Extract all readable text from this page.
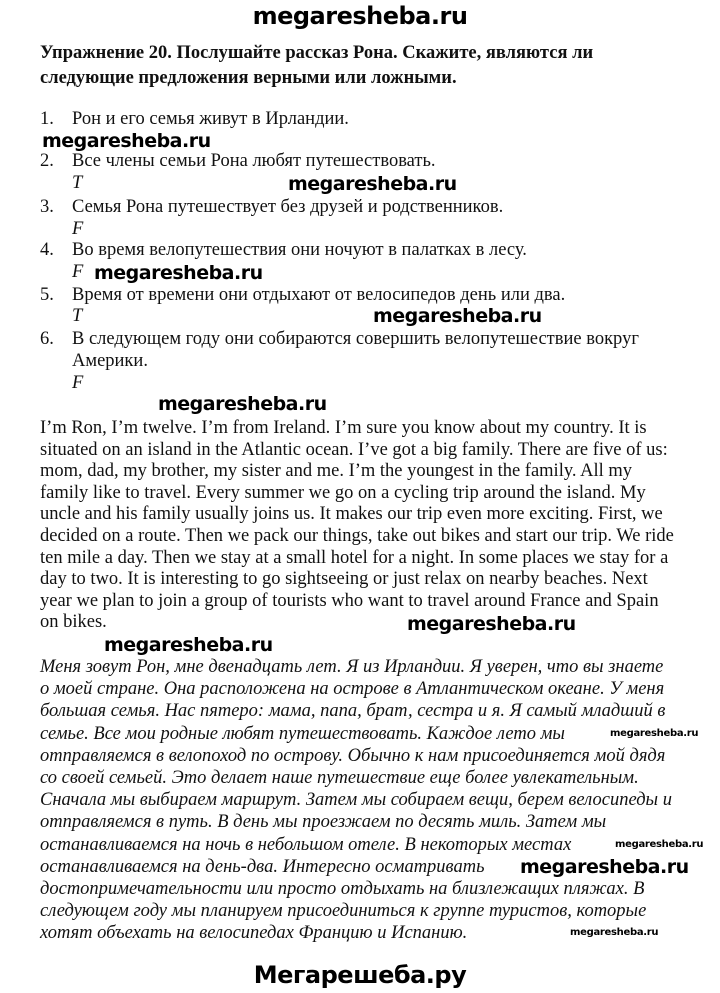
megaresheba.ru
Упражнение 20. Послушайте рассказ Рона. Скажите, являются ли
следующие предложения верными или ложными.
1. Рон и его семья живут в Ирландии.
2. Все члены семьи Рона любят путешествовать.
T
3. Семья Рона путешествует без друзей и родственников.
F
4. Во время велопутешествия они ночуют в палатках в лесу.
F
5. Время от времени они отдыхают от велосипедов день или два.
T
6. В следующем году они собираются совершить велопутешествие вокруг
Америки.
F
I’m Ron, I’m twelve. I’m from Ireland. I’m sure you know about my country. It is
situated on an island in the Atlantic ocean. I’ve got a big family. There are five of us:
mom, dad, my brother, my sister and me. I’m the youngest in the family. All my
family like to travel. Every summer we go on a cycling trip around the island. My
uncle and his family usually joins us. It makes our trip even more exciting. First, we
decided on a route. Then we pack our things, take out bikes and start our trip. We ride
ten mile a day. Then we stay at a small hotel for a night. In some places we stay for a
day to two. It is interesting to go sightseeing or just relax on nearby beaches. Next
year we plan to join a group of tourists who want to travel around France and Spain
on bikes.
Меня зовут Рон, мне двенадцать лет. Я из Ирландии. Я уверен, что вы знаете
о моей стране. Она расположена на острове в Атлантическом океане. У меня
большая семья. Нас пятеро: мама, папа, брат, сестра и я. Я самый младший в
семье. Все мои родные любят путешествовать. Каждое лето мы
отправляемся в велопоход по острову. Обычно к нам присоединяется мой дядя
со своей семьей. Это делает наше путешествие еще более увлекательным.
Сначала мы выбираем маршрут. Затем мы собираем вещи, берем велосипеды и
отправляемся в путь. В день мы проезжаем по десять миль. Затем мы
останавливаемся на ночь в небольшом отеле. В некоторых местах
останавливаемся на день-два. Интересно осматривать
достопримечательности или просто отдыхать на близлежащих пляжах. В
следующем году мы планируем присоединиться к группе туристов, которые
хотят объехать на велосипедах Францию и Испанию.
megaresheba.ru
megaresheba.ru
megaresheba.ru
megaresheba.ru
megaresheba.ru
megaresheba.ru
megaresheba.ru
megaresheba.ru
megaresheba.ru
megaresheba.ru
megaresheba.ru
Мегарешеба.ру
